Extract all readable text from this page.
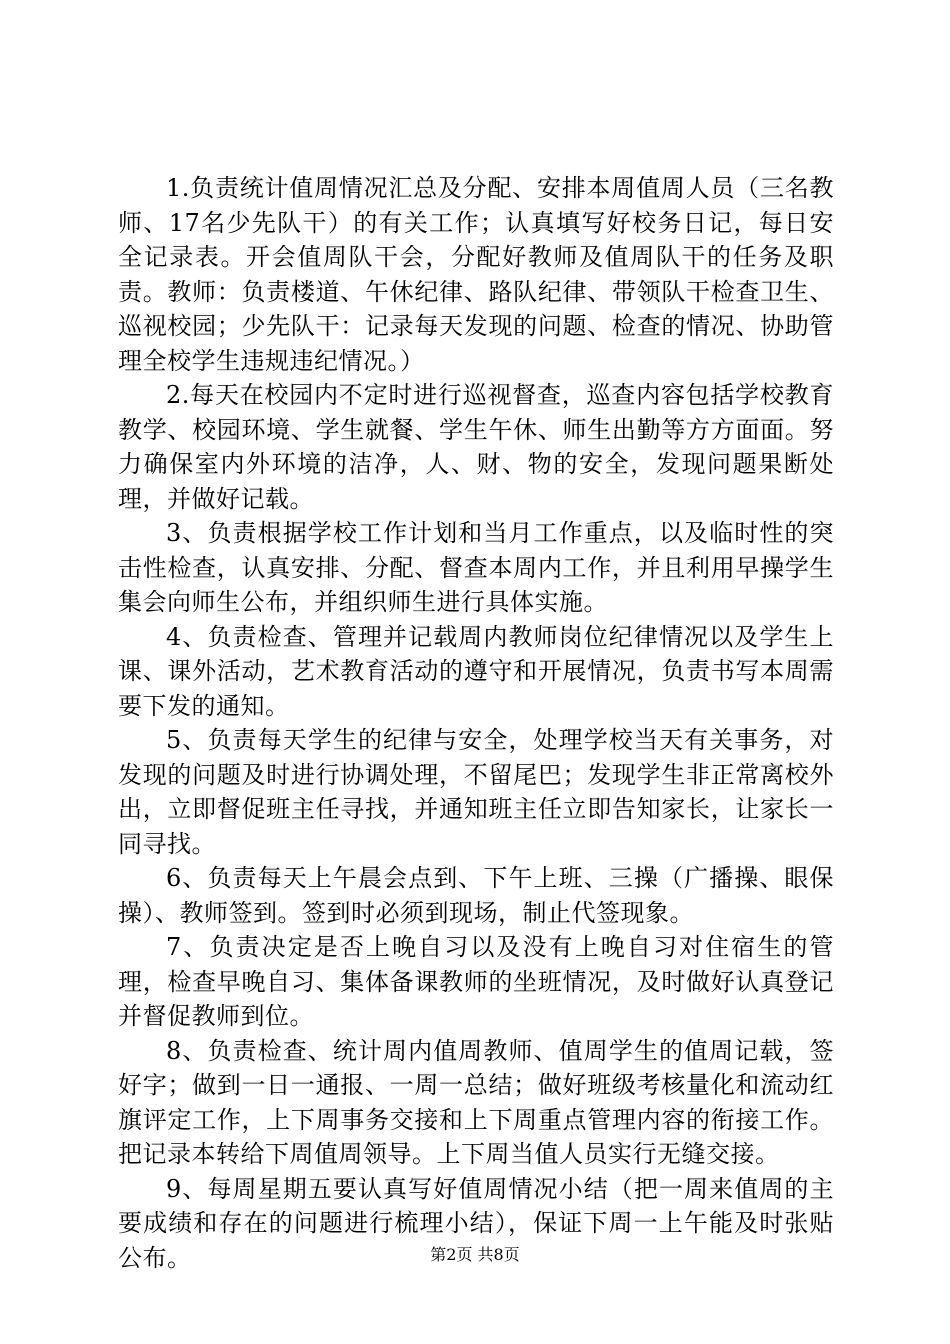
1.负责统计值周情况汇总及分配、安排本周值周人员（三名教师、17名少先队干）的有关工作；认真填写好校务日记，每日安全记录表。开会值周队干会，分配好教师及值周队干的任务及职责。教师：负责楼道、午休纪律、路队纪律、带领队干检查卫生、巡视校园；少先队干：记录每天发现的问题、检查的情况、协助管理全校学生违规违纪情况。）

2.每天在校园内不定时进行巡视督查，巡查内容包括学校教育教学、校园环境、学生就餐、学生午休、师生出勤等方方面面。努力确保室内外环境的洁净，人、财、物的安全，发现问题果断处理，并做好记载。

3、负责根据学校工作计划和当月工作重点，以及临时性的突击性检查，认真安排、分配、督查本周内工作，并且利用早操学生集会向师生公布，并组织师生进行具体实施。

4、负责检查、管理并记载周内教师岗位纪律情况以及学生上课、课外活动，艺术教育活动的遵守和开展情况，负责书写本周需要下发的通知。

5、负责每天学生的纪律与安全，处理学校当天有关事务，对发现的问题及时进行协调处理，不留尾巴；发现学生非正常离校外出，立即督促班主任寻找，并通知班主任立即告知家长，让家长一同寻找。

6、负责每天上午晨会点到、下午上班、三操（广播操、眼保操）、教师签到。签到时必须到现场，制止代签现象。

7、负责决定是否上晚自习以及没有上晚自习对住宿生的管理，检查早晚自习、集体备课教师的坐班情况，及时做好认真登记并督促教师到位。

8、负责检查、统计周内值周教师、值周学生的值周记载，签好字；做到一日一通报、一周一总结；做好班级考核量化和流动红旗评定工作，上下周事务交接和上下周重点管理内容的衔接工作。把记录本转给下周值周领导。上下周当值人员实行无缝交接。

9、每周星期五要认真写好值周情况小结（把一周来值周的主要成绩和存在的问题进行梳理小结），保证下周一上午能及时张贴公布。	第2页 共8页
